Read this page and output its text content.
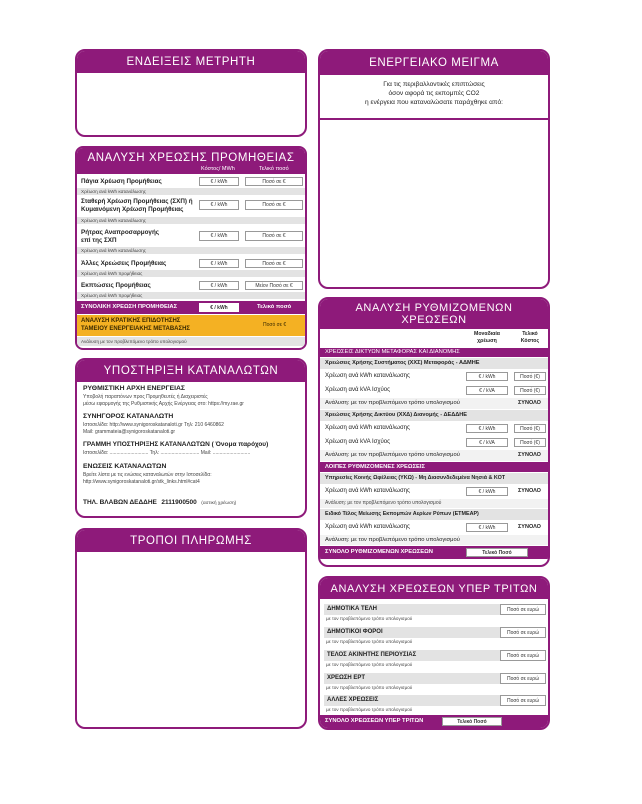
ΕΝΔΕΙΞΕΙΣ ΜΕΤΡΗΤΗ
ΑΝΑΛΥΣΗ ΧΡΕΩΣΗΣ ΠΡΟΜΗΘΕΙΑΣ
Κόστος/ MWh	Τελικό ποσό
Πάγια Χρέωση Προμήθειας	€ / kWh	Ποσό σε €
Χρέωση ανά kWh κατανάλωσης
Σταθερή Χρέωση Προμήθειας (ΣΧΠ) ή Κυμαινόμενη Χρέωση Προμήθειας
€ / kWh	Ποσό σε €
Χρέωση ανά kWh κατανάλωσης
Ρήτρας Αναπροσαρμογής επί της ΣΧΠ
€ / kWh	Ποσό σε €
Χρέωση ανά kWh κατανάλωσης
Άλλες Χρεώσεις Προμήθειας	€ / kWh	Ποσό σε €
Χρέωση ανά kWh προμήθειας
Εκπτώσεις Προμήθειας	€ / kWh	Μείον Ποσό σε €
Χρέωση ανά kWh προμήθειας
ΣΥΝΟΛΙΚΗ ΧΡΕΩΣΗ ΠΡΟΜΗΘΕΙΑΣ	€ / kWh	Τελικό ποσό
ΑΝΑΛΥΣΗ ΚΡΑΤΙΚΗΣ ΕΠΙΔΟΤΗΣΗΣ
ΤΑΜΕΙΟΥ ΕΝΕΡΓΕΙΑΚΗΣ ΜΕΤΑΒΑΣΗΣ
Ποσό σε €
Ανάλυση με τον προβλεπόμενο τρόπο υπολογισμού
ΥΠΟΣΤΗΡΙΞΗ ΚΑΤΑΝΑΛΩΤΩΝ
ΡΥΘΜΙΣΤΙΚΗ ΑΡΧΗ ΕΝΕΡΓΕΙΑΣ
Υποβολή παραπόνων προς Προμηθευτές ή Διαχειριστές
μέσω εφαρμογής της Ρυθμιστικής Αρχής Ενέργειας στο: https://my.rae.gr
ΣΥΝΗΓΟΡΟΣ ΚΑΤΑΝΑΛΩΤΗ
Ιστοσελίδα: http://www.synigoroskatanaloti.gr Τηλ: 210 6460862
Mail: grammateia@synigoroskatanaloti.gr
ΓΡΑΜΜΗ ΥΠΟΣΤΗΡΙΞΗΣ ΚΑΤΑΝΑΛΩΤΩΝ ( Όνομα παρόχου)
Ιστοσελίδα: ............................ Τηλ: ............................ Mail: ...........................
ΕΝΩΣΕΙΣ ΚΑΤΑΝΑΛΩΤΩΝ
Βρείτε λίστα με τις ενώσεις καταναλωτών στην Ιστοσελίδα:
http://www.synigoroskatanaloti.gr/stk_links.html#cat4
ΤΗΛ. ΒΛΑΒΩΝ ΔΕΔΔΗΕ 2111900500 (αστική χρέωση)
ΤΡΟΠΟΙ ΠΛΗΡΩΜΗΣ
ΕΝΕΡΓΕΙΑΚΟ ΜΕΙΓΜΑ
Για τις περιβαλλοντικές επιπτώσεις
όσον αφορά τις εκπομπές CO2
η ενέργεια που καταναλώσατε παράχθηκε από:
ΑΝΑΛΥΣΗ ΡΥΘΜΙΖΟΜΕΝΩΝ
ΧΡΕΩΣΕΩΝ
Μοναδιαία χρέωση
Τελικό Κόστος
ΧΡΕΩΣΕΙΣ ΔΙΚΤΥΩΝ ΜΕΤΑΦΟΡΑΣ ΚΑΙ ΔΙΑΝΟΜΗΣ
Χρεώσεις Χρήσης Συστήματος (ΧΧΣ) Μεταφοράς - ΑΔΜΗΕ
Χρέωση ανά kWh κατανάλωσης	€ / kWh	Ποσό (€)
Χρέωση ανά kVA Ισχύος	€ / kVA	Ποσό (€)
Ανάλυση: με τον προβλεπόμενο τρόπο υπολογισμού	ΣΥΝΟΛΟ
Χρεώσεις Χρήσης Δικτύου (ΧΧΔ) Διανομής - ΔΕΔΔΗΕ
Χρέωση ανά kWh κατανάλωσης	€ / kWh	Ποσό (€)
Χρέωση ανά kVA Ισχύος	€ / kVA	Ποσό (€)
Ανάλυση: με τον προβλεπόμενο τρόπο υπολογισμού	ΣΥΝΟΛΟ
ΛΟΙΠΕΣ ΡΥΘΜΙΖΟΜΕΝΕΣ ΧΡΕΩΣΕΙΣ
Υπηρεσίες Κοινής Ωφέλειας (ΥΚΩ) - Μη Διασυνδεδεμένα Νησιά & ΚΟΤ
Χρέωση ανά kWh κατανάλωσης	€ / kWh	ΣΥΝΟΛΟ
Ανάλυση: με τον προβλεπόμενο τρόπο υπολογισμού
Ειδικό Τέλος Μείωσης Εκπομπών Αερίων Ρύπων (ΕΤΜΕΑΡ)
Χρέωση ανά kWh κατανάλωσης	€ / kWh	ΣΥΝΟΛΟ
Ανάλυση: με τον προβλεπόμενο τρόπο υπολογισμού
ΣΥΝΟΛΟ ΡΥΘΜΙΖΟΜΕΝΩΝ ΧΡΕΩΣΕΩΝ	Τελικό Ποσό
ΑΝΑΛΥΣΗ ΧΡΕΩΣΕΩΝ ΥΠΕΡ ΤΡΙΤΩΝ
ΔΗΜΟΤΙΚΑ ΤΕΛΗ	Ποσό σε ευρώ
με τον προβλεπόμενο τρόπο υπολογισμού
ΔΗΜΟΤΙΚΟΙ ΦΟΡΟΙ	Ποσό σε ευρώ
με τον προβλεπόμενο τρόπο υπολογισμού
ΤΕΛΟΣ ΑΚΙΝΗΤΗΣ ΠΕΡΙΟΥΣΙΑΣ	Ποσό σε ευρώ
με τον προβλεπόμενο τρόπο υπολογισμού
ΧΡΕΩΣΗ ΕΡΤ	Ποσό σε ευρώ
με τον προβλεπόμενο τρόπο υπολογισμού
ΑΛΛΕΣ ΧΡΕΩΣΕΙΣ	Ποσό σε ευρώ
με τον προβλεπόμενο τρόπο υπολογισμού
ΣΥΝΟΛΟ ΧΡΕΩΣΕΩΝ ΥΠΕΡ ΤΡΙΤΩΝ	Τελικό Ποσό
